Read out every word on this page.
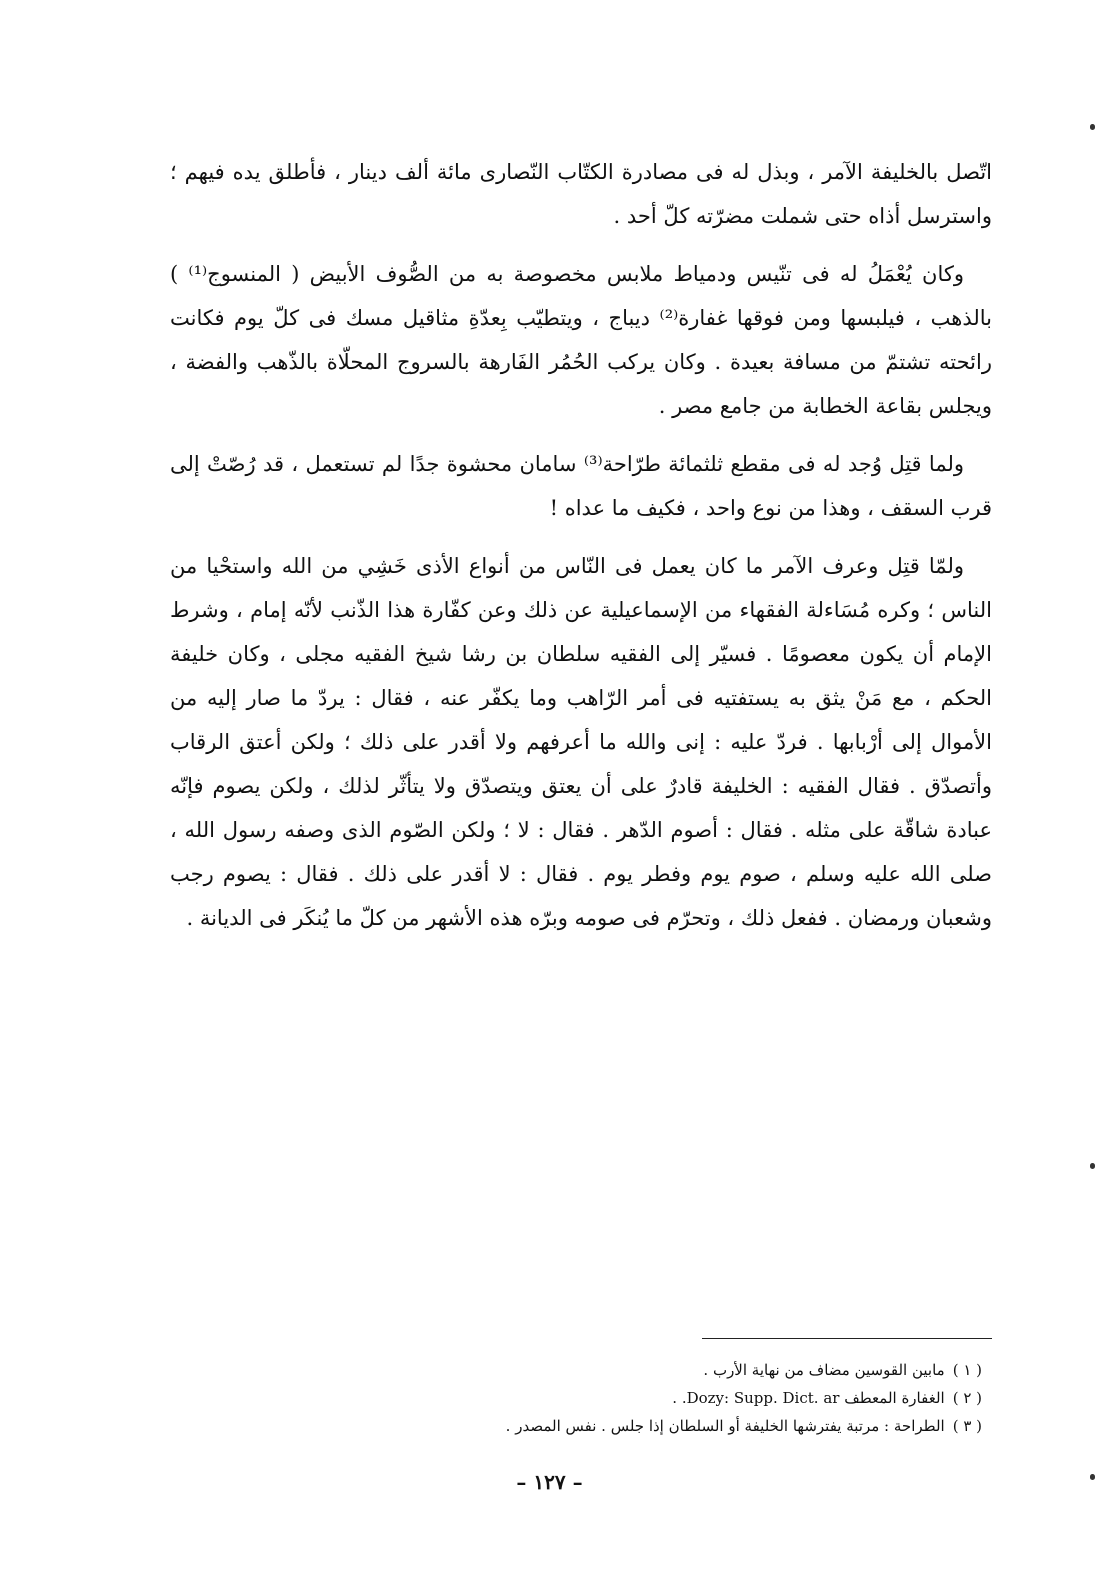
اتّصل بالخليفة الآمر ، وبذل له فى مصادرة الكتّاب النّصارى مائة ألف دينار ، فأطلق يده فيهم ؛ واسترسل أذاه حتى شملت مضرّته كلّ أحد .

وكان يُعْمَلُ له فى تنّيس ودمياط ملابس مخصوصة به من الصُّوف الأبيض ( المنسوج⁽¹⁾ ) بالذهب ، فيلبسها ومن فوقها غفارة⁽²⁾ ديباج ، ويتطيّب بِعدّةِ مثاقيل مسك فى كلّ يوم فكانت رائحته تشتمّ من مسافة بعيدة . وكان يركب الحُمُر الفَارهة بالسروج المحلّاة بالذّهب والفضة ، ويجلس بقاعة الخطابة من جامع مصر .

ولما قتِل وُجد له فى مقطع ثلثمائة طرّاحة⁽³⁾ سامان محشوة جدًا لم تستعمل ، قد رُصّتْ إلى قرب السقف ، وهذا من نوع واحد ، فكيف ما عداه !

ولمّا قتِل وعرف الآمر ما كان يعمل فى النّاس من أنواع الأذى خَشِي من الله واستحْيا من الناس ؛ وكره مُسَاءلة الفقهاء من الإسماعيلية عن ذلك وعن كفّارة هذا الذّنب لأنّه إمام ، وشرط الإمام أن يكون معصومًا . فسيّر إلى الفقيه سلطان بن رشا شيخ الفقيه مجلى ، وكان خليفة الحكم ، مع مَنْ يثق به يستفتيه فى أمر الرّاهب وما يكفّر عنه ، فقال : يردّ ما صار إليه من الأموال إلى أرْبابها . فردّ عليه : إنى والله ما أعرفهم ولا أقدر على ذلك ؛ ولكن أعتق الرقاب وأتصدّق . فقال الفقيه : الخليفة قادرٌ على أن يعتق ويتصدّق ولا يتأثّر لذلك ، ولكن يصوم فإنّه عبادة شاقّة على مثله . فقال : أصوم الدّهر . فقال : لا ؛ ولكن الصّوم الذى وصفه رسول الله ، صلى الله عليه وسلم ، صوم يوم وفطر يوم . فقال : لا أقدر على ذلك . فقال : يصوم رجب وشعبان ورمضان . ففعل ذلك ، وتحرّم فى صومه وبرّه هذه الأشهر من كلّ ما يُنكَر فى الديانة .

( ١ )مابين القوسين مضاف من نهاية الأرب .

( ٢ )الغفارة المعطف Dozy: Supp. Dict. ar. .

( ٣ )الطراحة : مرتبة يفترشها الخليفة أو السلطان إذا جلس . نفس المصدر .

– ١٢٧ –
